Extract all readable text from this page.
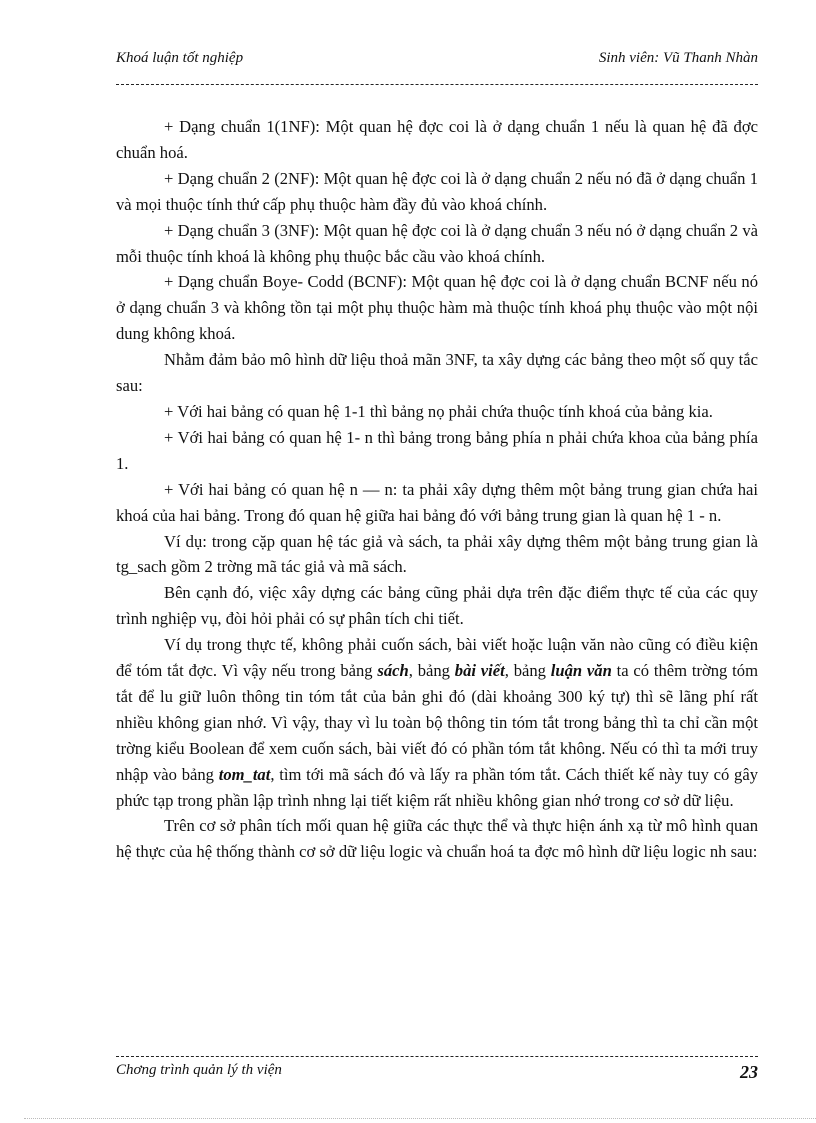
Khoá luận tốt nghiệp	Sinh viên: Vũ Thanh Nhàn

+ Dạng chuẩn 1(1NF): Một quan hệ đợc coi là ở dạng chuẩn 1 nếu là quan hệ đã đợc chuẩn hoá.

+ Dạng chuẩn 2 (2NF): Một quan hệ đợc coi là ở dạng chuẩn 2 nếu nó đã ở dạng chuẩn 1 và mọi thuộc tính thứ cấp phụ thuộc hàm đầy đủ vào khoá chính.

+ Dạng chuẩn 3 (3NF): Một quan hệ đợc coi là ở dạng chuẩn 3 nếu nó ở dạng chuẩn 2 và mỗi thuộc tính khoá là không phụ thuộc bắc cầu vào khoá chính.

+ Dạng chuẩn Boye- Codd (BCNF): Một quan hệ đợc coi là ở dạng chuẩn BCNF nếu nó ở dạng chuẩn 3 và không tồn tại một phụ thuộc hàm mà thuộc tính khoá phụ thuộc vào một nội dung không khoá.

Nhằm đảm bảo mô hình dữ liệu thoả mãn 3NF, ta xây dựng các bảng theo một số quy tắc sau:

+ Với hai bảng có quan hệ 1-1 thì bảng nọ phải chứa thuộc tính khoá của bảng kia.

+ Với hai bảng có quan hệ 1- n thì bảng trong bảng phía n phải chứa khoa của bảng phía 1.

+ Với hai bảng có quan hệ n — n: ta phải xây dựng thêm một bảng trung gian chứa hai khoá của hai bảng. Trong đó quan hệ giữa hai bảng đó với bảng trung gian là quan hệ 1 - n.

Ví dụ: trong cặp quan hệ tác giả và sách, ta phải xây dựng thêm một bảng trung gian là tg_sach gồm 2 trờng mã tác giả và mã sách.

Bên cạnh đó, việc xây dựng các bảng cũng phải dựa trên đặc điểm thực tế của các quy trình nghiệp vụ, đòi hỏi phải có sự phân tích chi tiết.

Ví dụ trong thực tế, không phải cuốn sách, bài viết hoặc luận văn nào cũng có điều kiện để tóm tắt đợc. Vì vậy nếu trong bảng sách, bảng bài viết, bảng luận văn ta có thêm trờng tóm tắt để lu giữ luôn thông tin tóm tắt của bản ghi đó (dài khoảng 300 ký tự) thì sẽ lãng phí rất nhiều không gian nhớ. Vì vậy, thay vì lu toàn bộ thông tin tóm tắt trong bảng thì ta chỉ cần một trờng kiểu Boolean để xem cuốn sách, bài viết đó có phần tóm tắt không. Nếu có thì ta mới truy nhập vào bảng tom_tat, tìm tới mã sách đó và lấy ra phần tóm tắt. Cách thiết kế này tuy có gây phức tạp trong phần lập trình nhng lại tiết kiệm rất nhiều không gian nhớ trong cơ sở dữ liệu.

Trên cơ sở phân tích mối quan hệ giữa các thực thể và thực hiện ánh xạ từ mô hình quan hệ thực của hệ thống thành cơ sở dữ liệu logic và chuẩn hoá ta đợc mô hình dữ liệu logic nh sau:

Chơng trình quản lý th viện	23
